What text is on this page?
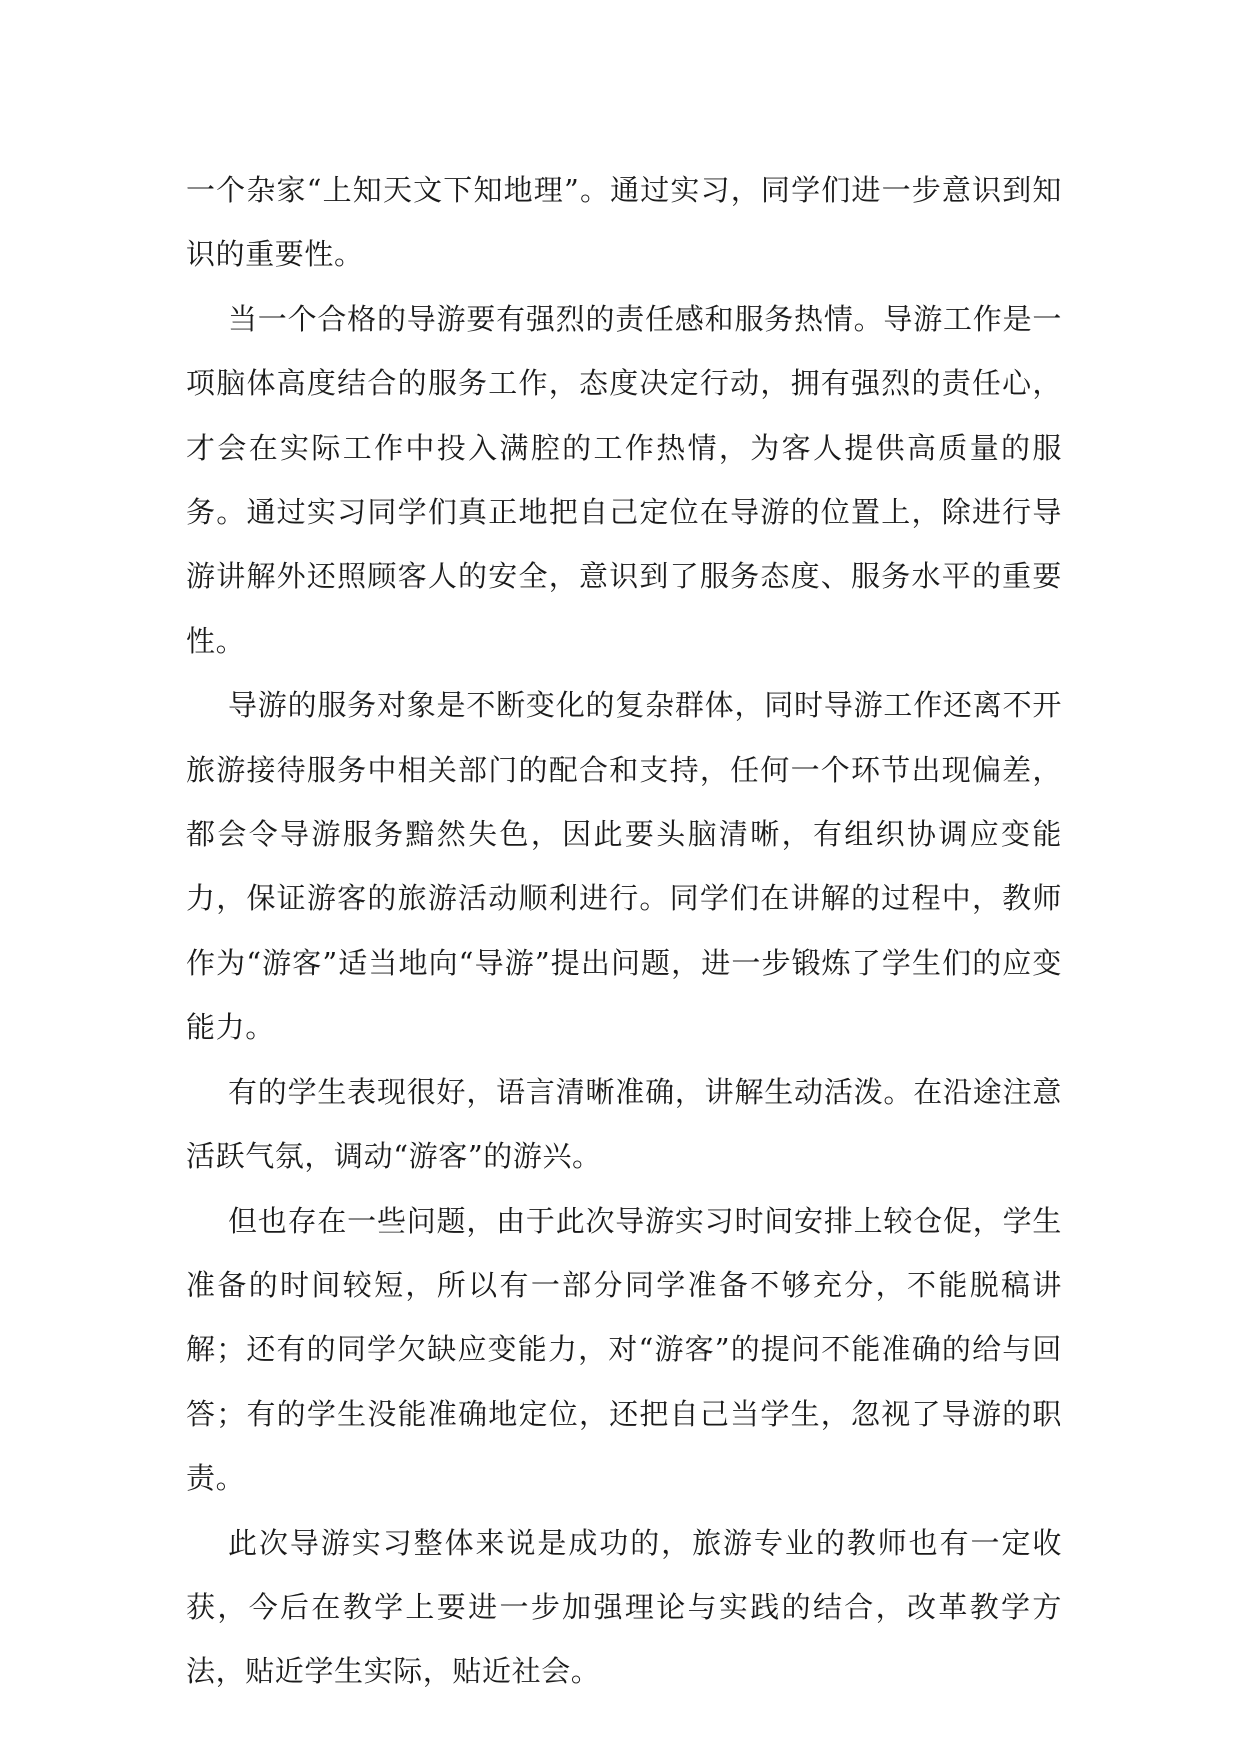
一个杂家“上知天文下知地理”。通过实习，同学们进一步意识到知识的重要性。

当一个合格的导游要有强烈的责任感和服务热情。导游工作是一项脑体高度结合的服务工作，态度决定行动，拥有强烈的责任心，才会在实际工作中投入满腔的工作热情，为客人提供高质量的服务。通过实习同学们真正地把自己定位在导游的位置上，除进行导游讲解外还照顾客人的安全，意识到了服务态度、服务水平的重要性。

导游的服务对象是不断变化的复杂群体，同时导游工作还离不开旅游接待服务中相关部门的配合和支持，任何一个环节出现偏差，都会令导游服务黯然失色，因此要头脑清晰，有组织协调应变能力，保证游客的旅游活动顺利进行。同学们在讲解的过程中，教师作为“游客”适当地向“导游”提出问题，进一步锻炼了学生们的应变能力。

有的学生表现很好，语言清晰准确，讲解生动活泼。在沿途注意活跃气氛，调动“游客”的游兴。

但也存在一些问题，由于此次导游实习时间安排上较仓促，学生准备的时间较短，所以有一部分同学准备不够充分，不能脱稿讲解；还有的同学欠缺应变能力，对“游客”的提问不能准确的给与回答；有的学生没能准确地定位，还把自己当学生，忽视了导游的职责。

此次导游实习整体来说是成功的，旅游专业的教师也有一定收获，今后在教学上要进一步加强理论与实践的结合，改革教学方法，贴近学生实际，贴近社会。
